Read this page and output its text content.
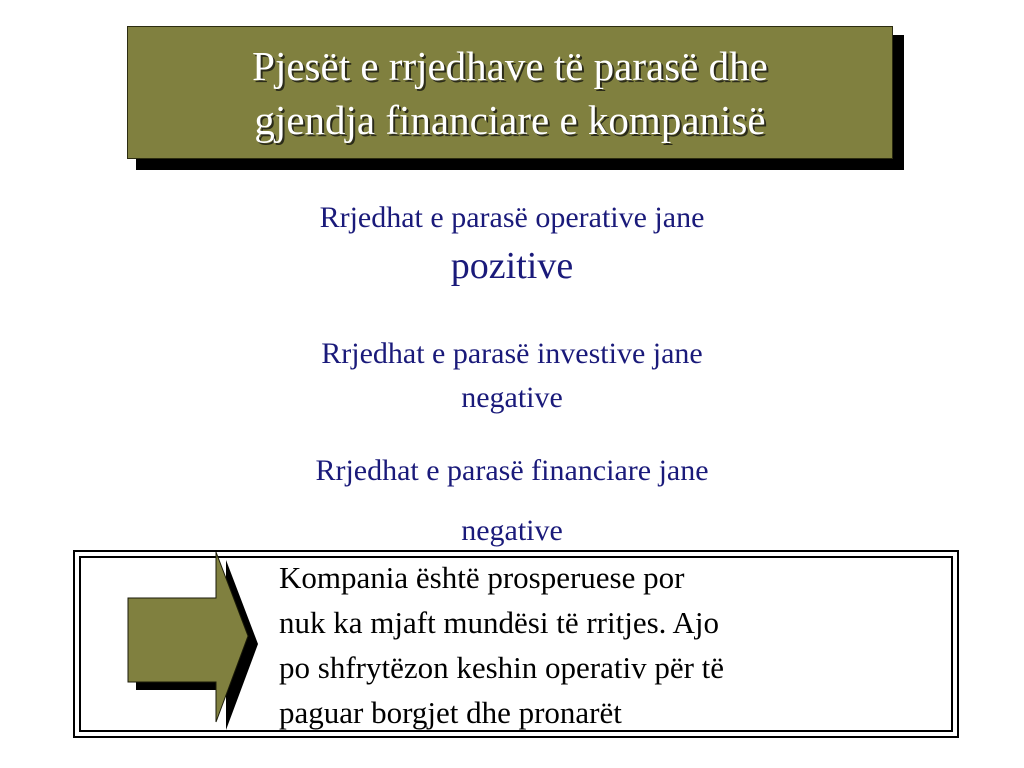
Pjesët e rrjedhave të parasë dhe
gjendja financiare e kompanisë

Rrjedhat e parasë operative jane
pozitive

Rrjedhat e parasë investive jane
negative

Rrjedhat e parasë financiare jane
negative

Kompania është prosperuese por
nuk ka mjaft mundësi të rritjes. Ajo
po shfrytëzon keshin operativ për të
paguar borgjet dhe pronarët
